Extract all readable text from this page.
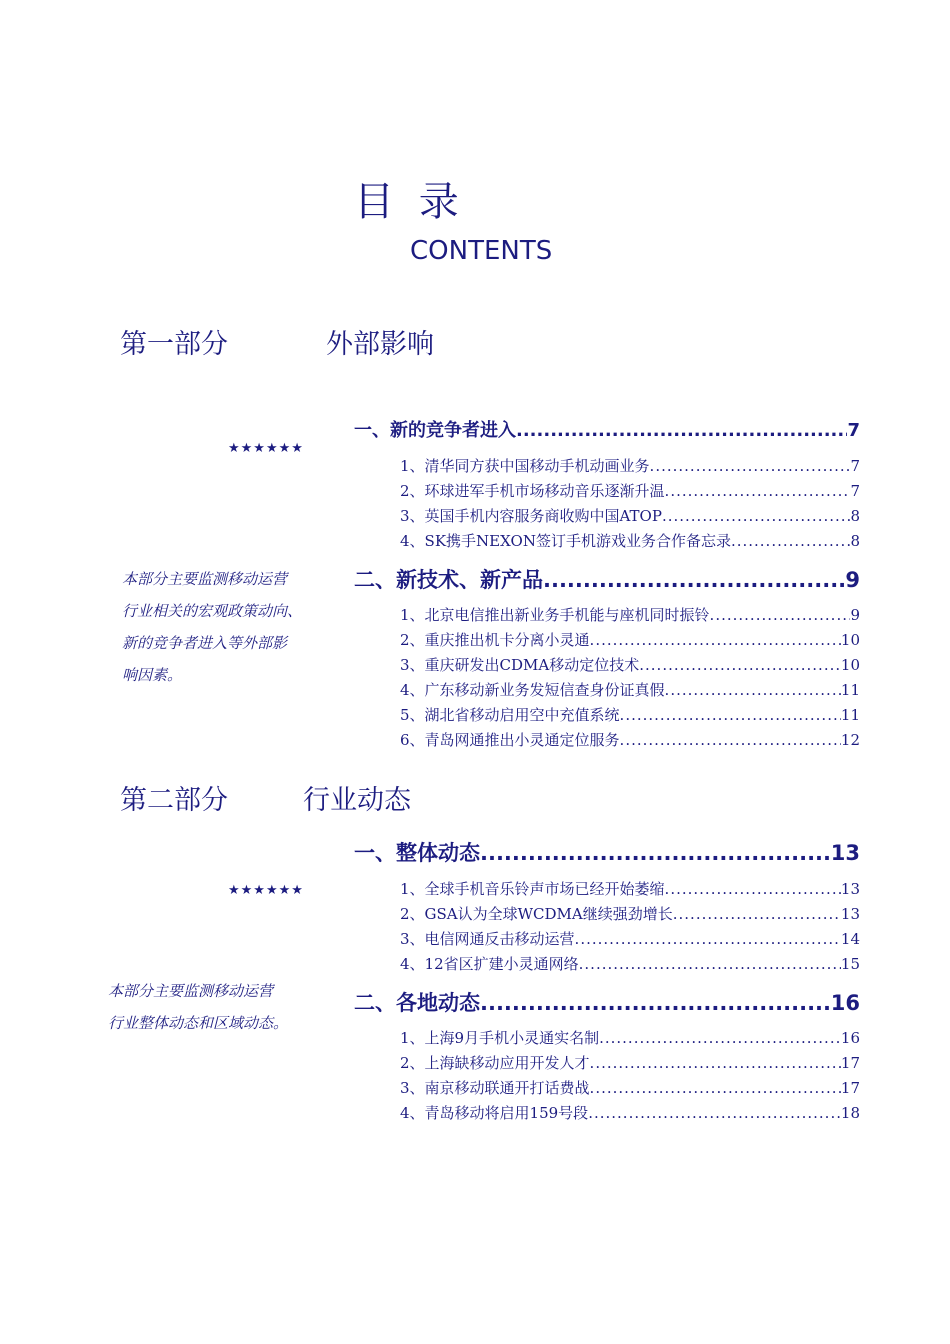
目 录
CONTENTS
第一部分	外部影响
★★★★★★
本部分主要监测移动运营
行业相关的宏观政策动向、
新的竞争者进入等外部影
响因素。
一、新的竞争者进入 .....	7
1、清华同方获中国移动手机动画业务 .....	7
2、环球进军手机市场移动音乐逐渐升温 .....	7
3、英国手机内容服务商收购中国ATOP .....	8
4、SK携手NEXON签订手机游戏业务合作备忘录 .....	8
二、新技术、新产品 .....	9
1、北京电信推出新业务手机能与座机同时振铃 .....	9
2、重庆推出机卡分离小灵通 .....	10
3、重庆研发出CDMA移动定位技术 .....	10
4、广东移动新业务发短信查身份证真假 .....	11
5、湖北省移动启用空中充值系统 .....	11
6、青岛网通推出小灵通定位服务 .....	12
第二部分	行业动态
★★★★★★
本部分主要监测移动运营
行业整体动态和区域动态。
一、整体动态 .....	13
1、全球手机音乐铃声市场已经开始萎缩 .....	13
2、GSA认为全球WCDMA继续强劲增长 .....	13
3、电信网通反击移动运营 .....	14
4、12省区扩建小灵通网络 .....	15
二、各地动态 .....	16
1、上海9月手机小灵通实名制 .....	16
2、上海缺移动应用开发人才 .....	17
3、南京移动联通开打话费战 .....	17
4、青岛移动将启用159号段 .....	18
